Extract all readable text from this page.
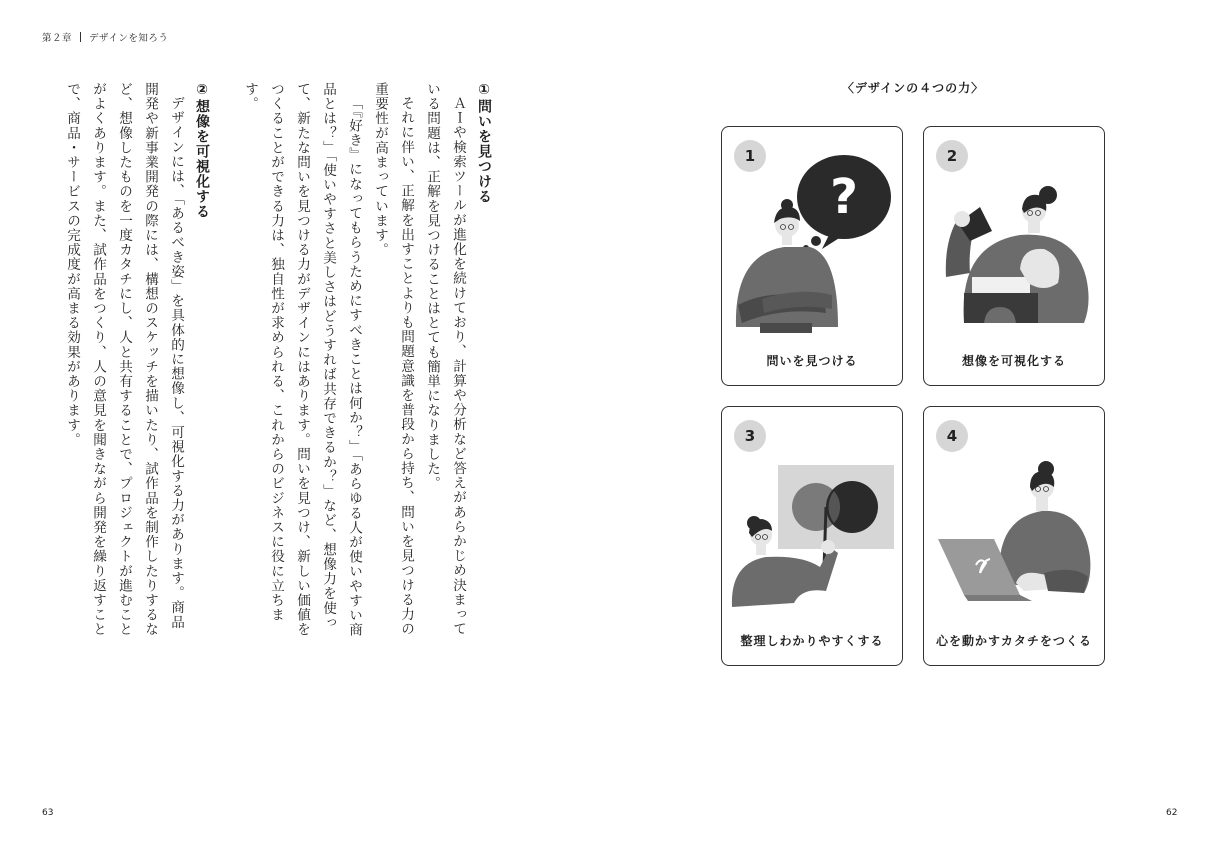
第２章 デザインを知ろう
①問いを見つける

ＡＩや検索ツールが進化を続けており、計算や分析など答えがあらかじめ決まっている問題は、正解を見つけることはとても簡単になりました。

それに伴い、正解を出すことよりも問題意識を普段から持ち、問いを見つける力の重要性が高まっています。

「『好き』になってもらうためにすべきことは何か？」「あらゆる人が使いやすい商品とは？」「使いやすさと美しさはどうすれば共存できるか？」など、想像力を使って、新たな問いを見つける力がデザインにはあります。問いを見つけ、新しい価値をつくることができる力は、独自性が求められる、これからのビジネスに役に立ちます。

②想像を可視化する

デザインには、「あるべき姿」を具体的に想像し、可視化する力があります。商品開発や新事業開発の際には、構想のスケッチを描いたり、試作品を制作したりするなど、想像したものを一度カタチにし、人と共有することで、プロジェクトが進むことがよくあります。また、試作品をつくり、人の意見を聞きながら開発を繰り返すことで、商品・サービスの完成度が高まる効果があります。	〈デザインの４つの力〉
?
1
問いを見つける
2
想像を可視化する
3
整理しわかりやすくする
4
心を動かすカタチをつくる
63	62
